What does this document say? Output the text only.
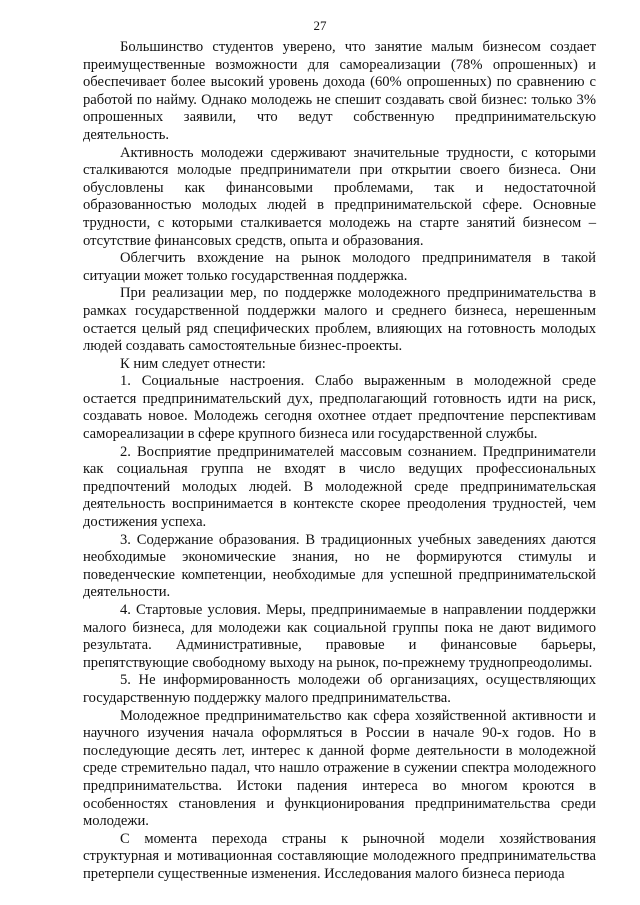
27

Большинство студентов уверено, что занятие малым бизнесом создает преимущественные возможности для самореализации (78% опрошенных) и обеспечивает более высокий уровень дохода (60% опрошенных) по сравнению с работой по найму. Однако молодежь не спешит создавать свой бизнес: только 3% опрошенных заявили, что ведут собственную предпринимательскую деятельность.

Активность молодежи сдерживают значительные трудности, с которыми сталкиваются молодые предприниматели при открытии своего бизнеса. Они обусловлены как финансовыми проблемами, так и недостаточной образованностью молодых людей в предпринимательской сфере. Основные трудности, с которыми сталкивается молодежь на старте занятий бизнесом – отсутствие финансовых средств, опыта и образования.

Облегчить вхождение на рынок молодого предпринимателя в такой ситуации может только государственная поддержка.

При реализации мер, по поддержке молодежного предпринимательства в рамках государственной поддержки малого и среднего бизнеса, нерешенным остается целый ряд специфических проблем, влияющих на готовность молодых людей создавать самостоятельные бизнес-проекты.

К ним следует отнести:

1. Социальные настроения. Слабо выраженным в молодежной среде остается предпринимательский дух, предполагающий готовность идти на риск, создавать новое. Молодежь сегодня охотнее отдает предпочтение перспективам самореализации в сфере крупного бизнеса или государственной службы.

2. Восприятие предпринимателей массовым сознанием. Предприниматели как социальная группа не входят в число ведущих профессиональных предпочтений молодых людей. В молодежной среде предпринимательская деятельность воспринимается в контексте скорее преодоления трудностей, чем достижения успеха.

3. Содержание образования. В традиционных учебных заведениях даются необходимые экономические знания, но не формируются стимулы и поведенческие компетенции, необходимые для успешной предпринимательской деятельности.

4. Стартовые условия. Меры, предпринимаемые в направлении поддержки малого бизнеса, для молодежи как социальной группы пока не дают видимого результата. Административные, правовые и финансовые барьеры, препятствующие свободному выходу на рынок, по-прежнему труднопреодолимы.

5. Не информированность молодежи об организациях, осуществляющих государственную поддержку малого предпринимательства.

Молодежное предпринимательство как сфера хозяйственной активности и научного изучения начала оформляться в России в начале 90-х годов. Но в последующие десять лет, интерес к данной форме деятельности в молодежной среде стремительно падал, что нашло отражение в сужении спектра молодежного предпринимательства. Истоки падения интереса во многом кроются в особенностях становления и функционирования предпринимательства среди молодежи.

С момента перехода страны к рыночной модели хозяйствования структурная и мотивационная составляющие молодежного предпринимательства претерпели существенные изменения. Исследования малого бизнеса периода
